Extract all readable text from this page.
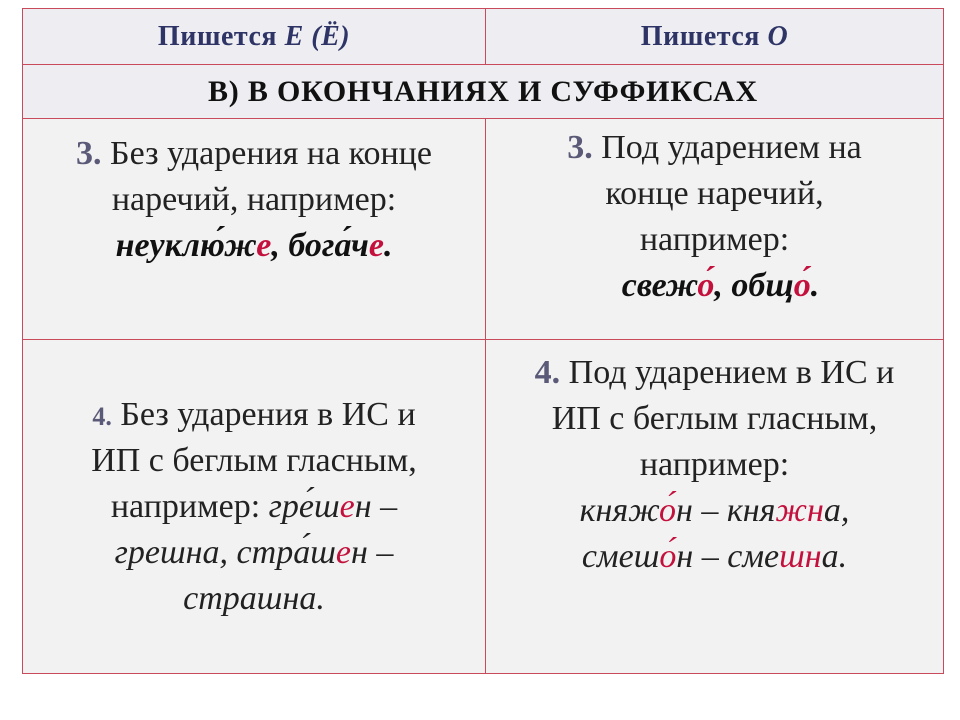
Пишется
Е (Ё)	Пишется
О
В) В ОКОНЧАНИЯХ И СУФФИКСАХ
3. Без ударения на конце
наречий, например:
неуклю́же, бога́че.
3. Под ударением на
конце наречий,
например:
свежо́, общо́.
4. Без ударения в ИС и
ИП с беглым гласным,
например: гре́шен –
грешна, стра́шен –
страшна.
4. Под ударением в ИС и
ИП с беглым гласным,
например:
княжо́н – княжна,
смешо́н – смешна.
